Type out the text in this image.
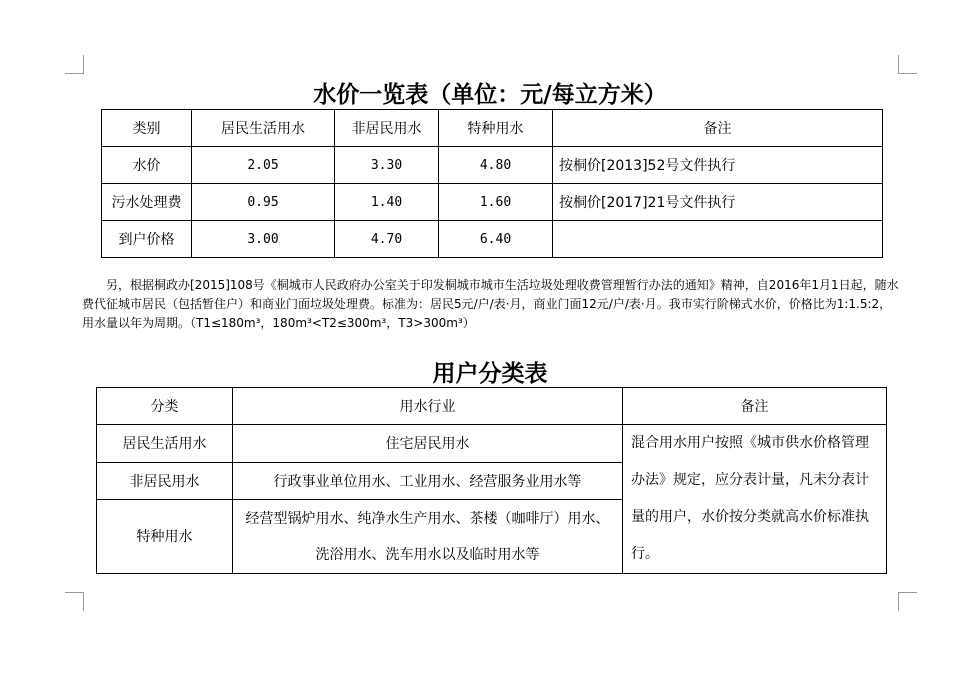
水价一览表（单位：元/每立方米）
类别	居民生活用水	非居民用水	特种用水	备注
水价	2.05	3.30	4.80	按桐价[2013]52号文件执行
污水处理费	0.95	1.40	1.60	按桐价[2017]21号文件执行
到户价格	3.00	4.70	6.40	
另，根据桐政办[2015]108号《桐城市人民政府办公室关于印发桐城市城市生活垃圾处理收费管理暂行办法的通知》精神，自2016年1月1日起，随水费代征城市居民（包括暂住户）和商业门面垃圾处理费。标准为：居民5元/户/表·月，商业门面12元/户/表·月。我市实行阶梯式水价，价格比为1:1.5:2，用水量以年为周期。（T1≤180m³，180m³<T2≤300m³，T3>300m³）
用户分类表
分类	用水行业	备注
居民生活用水	住宅居民用水	混合用水用户按照《城市供水价格管理办法》规定，应分表计量，凡未分表计量的用户，水价按分类就高水价标准执行。
非居民用水	行政事业单位用水、工业用水、经营服务业用水等	
特种用水	经营型锅炉用水、纯净水生产用水、茶楼（咖啡厅）用水、洗浴用水、洗车用水以及临时用水等	
